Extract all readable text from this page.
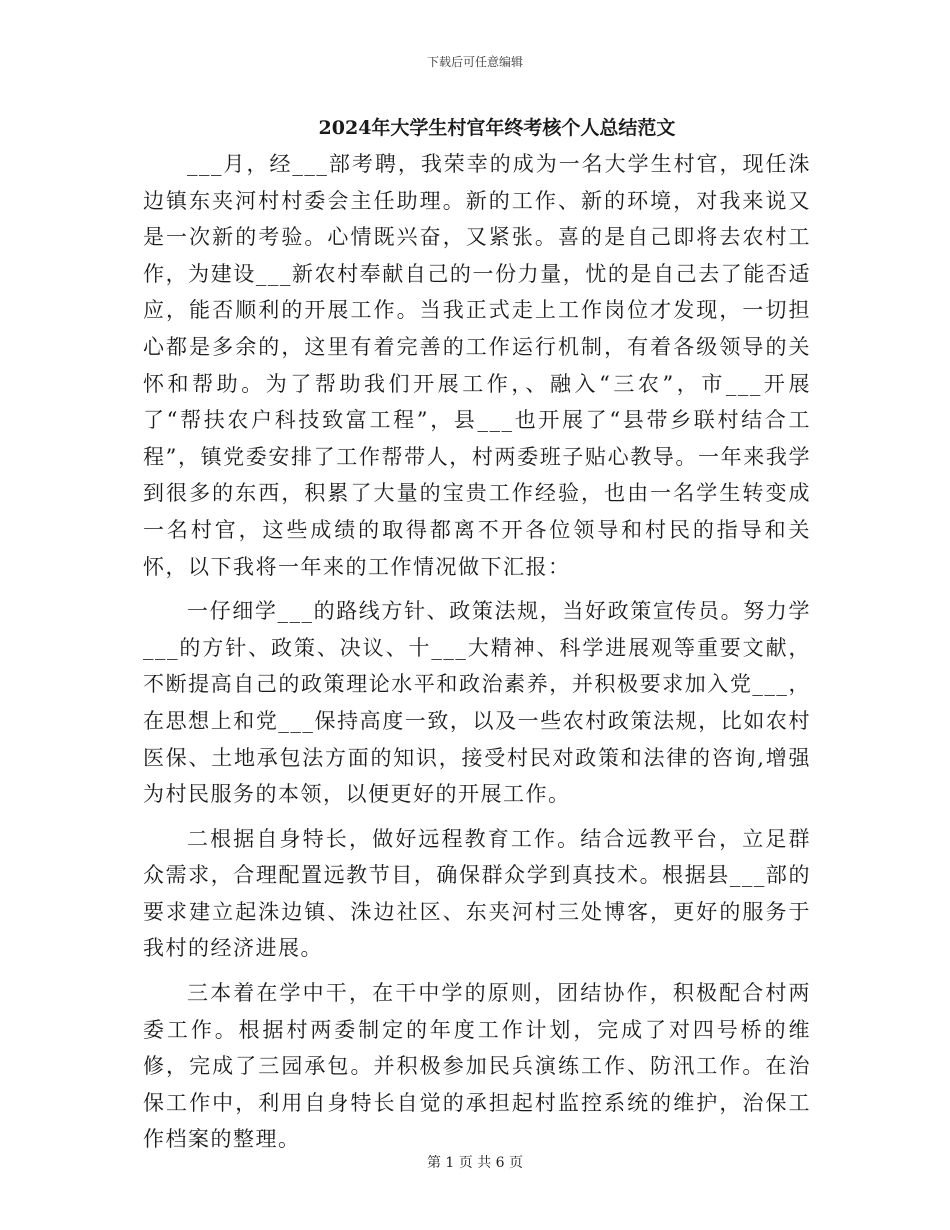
下载后可任意编辑
2024年大学生村官年终考核个人总结范文

___月，经___部考聘，我荣幸的成为一名大学生村官，现任洙边镇东夹河村村委会主任助理。新的工作、新的环境，对我来说又是一次新的考验。心情既兴奋，又紧张。喜的是自己即将去农村工作，为建设___新农村奉献自己的一份力量，忧的是自己去了能否适应，能否顺利的开展工作。当我正式走上工作岗位才发现，一切担心都是多余的，这里有着完善的工作运行机制，有着各级领导的关怀和帮助。为了帮助我们开展工作，、融入“三农”，市___开展了“帮扶农户科技致富工程”，县___也开展了“县带乡联村结合工程”，镇党委安排了工作帮带人，村两委班子贴心教导。一年来我学到很多的东西，积累了大量的宝贵工作经验，也由一名学生转变成一名村官，这些成绩的取得都离不开各位领导和村民的指导和关怀，以下我将一年来的工作情况做下汇报：

一仔细学___的路线方针、政策法规，当好政策宣传员。努力学___的方针、政策、决议、十___大精神、科学进展观等重要文献，不断提高自己的政策理论水平和政治素养，并积极要求加入党___，在思想上和党___保持高度一致，以及一些农村政策法规，比如农村医保、土地承包法方面的知识，接受村民对政策和法律的咨询,增强为村民服务的本领，以便更好的开展工作。

二根据自身特长，做好远程教育工作。结合远教平台，立足群众需求，合理配置远教节目，确保群众学到真技术。根据县___部的要求建立起洙边镇、洙边社区、东夹河村三处博客，更好的服务于我村的经济进展。

三本着在学中干，在干中学的原则，团结协作，积极配合村两委工作。根据村两委制定的年度工作计划，完成了对四号桥的维修，完成了三园承包。并积极参加民兵演练工作、防汛工作。在治保工作中，利用自身特长自觉的承担起村监控系统的维护，治保工作档案的整理。

第 1 页 共 6 页
